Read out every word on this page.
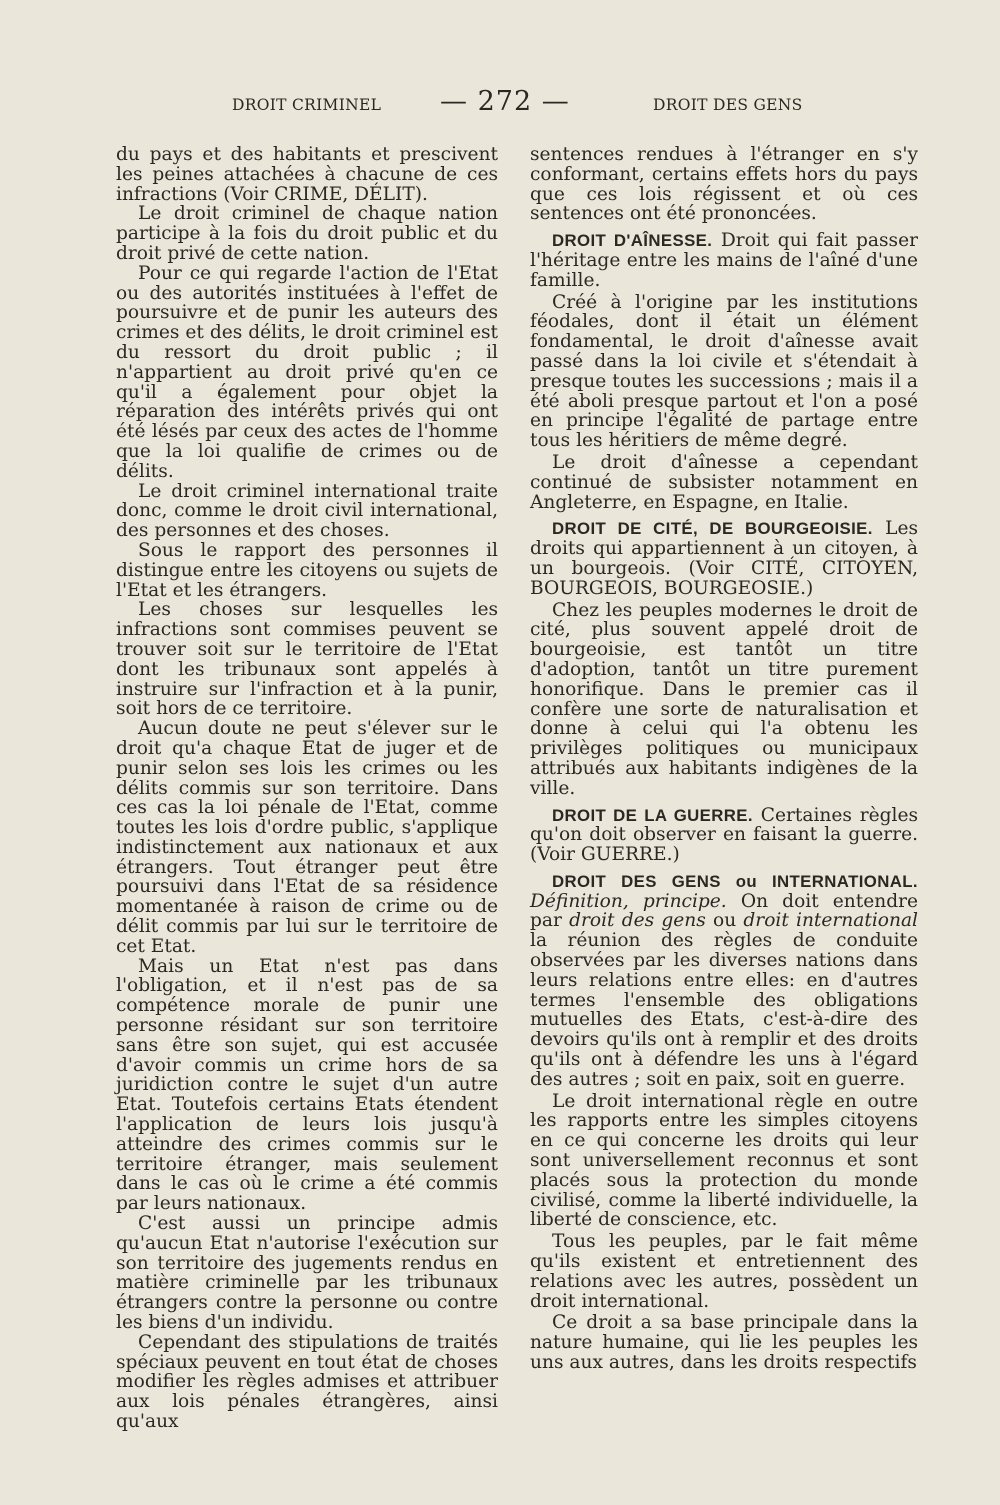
DROIT CRIMINEL — 272 —	DROIT DES GENS

du pays et des habitants et prescivent les peines attachées à chacune de ces infractions (Voir CRIME, DÉLIT).

Le droit criminel de chaque nation participe à la fois du droit public et du droit privé de cette nation.

Pour ce qui regarde l'action de l'Etat ou des autorités instituées à l'effet de poursuivre et de punir les auteurs des crimes et des délits, le droit criminel est du ressort du droit public ; il n'appartient au droit privé qu'en ce qu'il a également pour objet la réparation des intérêts privés qui ont été lésés par ceux des actes de l'homme que la loi qualifie de crimes ou de délits.

Le droit criminel international traite donc, comme le droit civil international, des personnes et des choses.

Sous le rapport des personnes il distingue entre les citoyens ou sujets de l'Etat et les étrangers.

Les choses sur lesquelles les infractions sont commises peuvent se trouver soit sur le territoire de l'Etat dont les tribunaux sont appelés à instruire sur l'infraction et à la punir, soit hors de ce territoire.

Aucun doute ne peut s'élever sur le droit qu'a chaque Etat de juger et de punir selon ses lois les crimes ou les délits commis sur son territoire. Dans ces cas la loi pénale de l'Etat, comme toutes les lois d'ordre public, s'applique indistinctement aux nationaux et aux étrangers. Tout étranger peut être poursuivi dans l'Etat de sa résidence momentanée à raison de crime ou de délit commis par lui sur le territoire de cet Etat.

Mais un Etat n'est pas dans l'obligation, et il n'est pas de sa compétence morale de punir une personne résidant sur son territoire sans être son sujet, qui est accusée d'avoir commis un crime hors de sa juridiction contre le sujet d'un autre Etat. Toutefois certains Etats étendent l'application de leurs lois jusqu'à atteindre des crimes commis sur le territoire étranger, mais seulement dans le cas où le crime a été commis par leurs nationaux.

C'est aussi un principe admis qu'aucun Etat n'autorise l'exécution sur son territoire des jugements rendus en matière criminelle par les tribunaux étrangers contre la personne ou contre les biens d'un individu.

Cependant des stipulations de traités spéciaux peuvent en tout état de choses modifier les règles admises et attribuer aux lois pénales étrangères, ainsi qu'aux

sentences rendues à l'étranger en s'y conformant, certains effets hors du pays que ces lois régissent et où ces sentences ont été prononcées.

DROIT D'AÎNESSE. Droit qui fait passer l'héritage entre les mains de l'aîné d'une famille.

Créé à l'origine par les institutions féodales, dont il était un élément fondamental, le droit d'aînesse avait passé dans la loi civile et s'étendait à presque toutes les successions ; mais il a été aboli presque partout et l'on a posé en principe l'égalité de partage entre tous les héritiers de même degré.

Le droit d'aînesse a cependant continué de subsister notamment en Angleterre, en Espagne, en Italie.

DROIT DE CITÉ, DE BOURGEOISIE. Les droits qui appartiennent à un citoyen, à un bourgeois. (Voir CITÉ, CITOYEN, BOURGEOIS, BOURGEOSIE.)

Chez les peuples modernes le droit de cité, plus souvent appelé droit de bourgeoisie, est tantôt un titre d'adoption, tantôt un titre purement honorifique. Dans le premier cas il confère une sorte de naturalisation et donne à celui qui l'a obtenu les privilèges politiques ou municipaux attribués aux habitants indigènes de la ville.

DROIT DE LA GUERRE. Certaines règles qu'on doit observer en faisant la guerre. (Voir GUERRE.)

DROIT DES GENS ou INTERNATIONAL. Définition, principe. On doit entendre par droit des gens ou droit international la réunion des règles de conduite observées par les diverses nations dans leurs relations entre elles: en d'autres termes l'ensemble des obligations mutuelles des Etats, c'est-à-dire des devoirs qu'ils ont à remplir et des droits qu'ils ont à défendre les uns à l'égard des autres ; soit en paix, soit en guerre.

Le droit international règle en outre les rapports entre les simples citoyens en ce qui concerne les droits qui leur sont universellement reconnus et sont placés sous la protection du monde civilisé, comme la liberté individuelle, la liberté de conscience, etc.

Tous les peuples, par le fait même qu'ils existent et entretiennent des relations avec les autres, possèdent un droit international.

Ce droit a sa base principale dans la nature humaine, qui lie les peuples les uns aux autres, dans les droits respectifs
